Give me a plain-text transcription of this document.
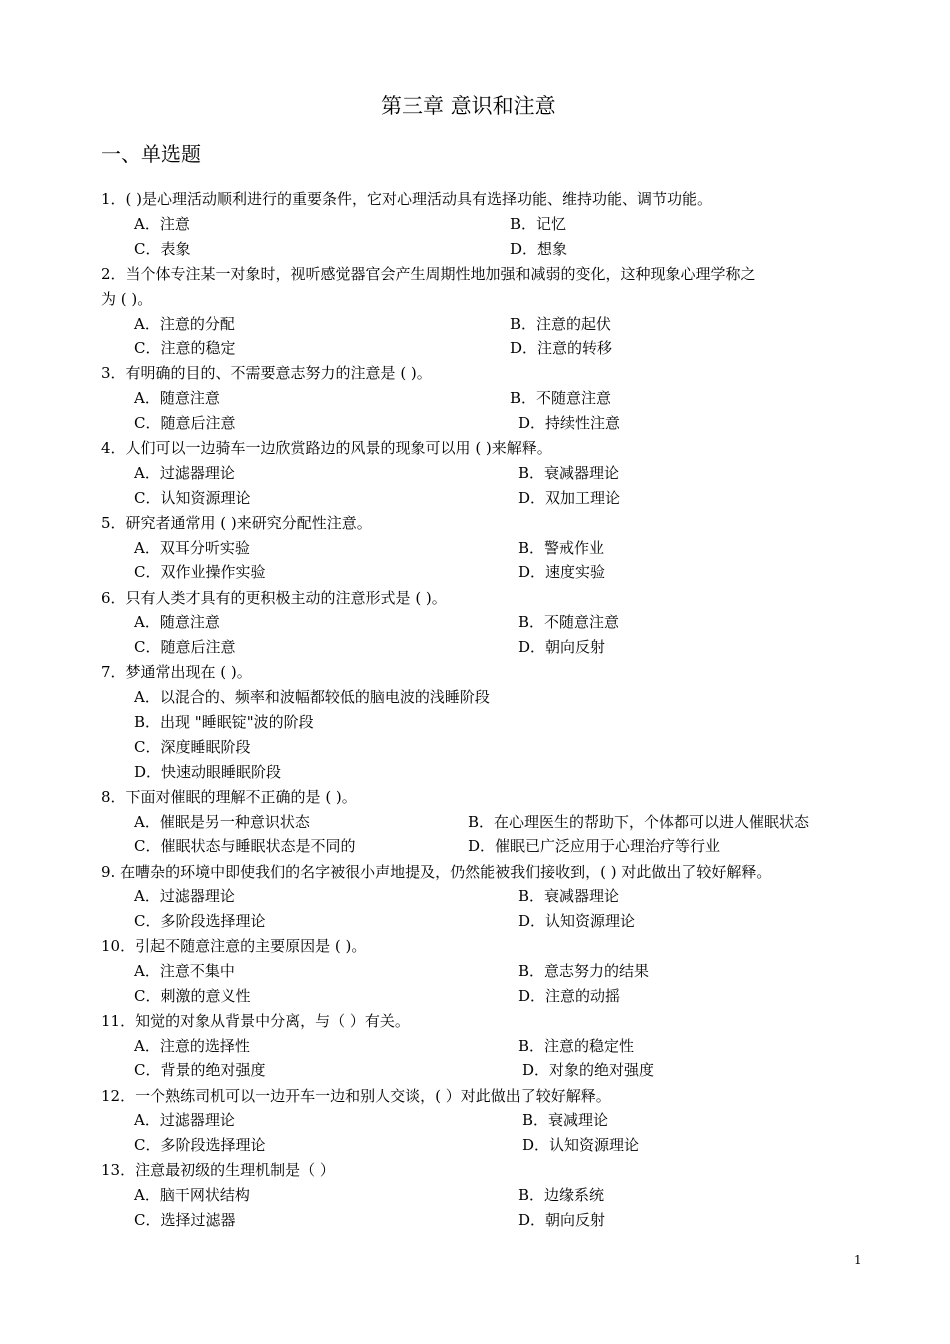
第三章 意识和注意
一、单选题
1．( )是心理活动顺利进行的重要条件，它对心理活动具有选择功能、维持功能、调节功能。
2．当个体专注某一对象时，视听感觉器官会产生周期性地加强和减弱的变化，这种现象心理学称之
为 ( )。
3．有明确的目的、不需要意志努力的注意是 ( )。
4．人们可以一边骑车一边欣赏路边的风景的现象可以用 ( )来解释。
5．研究者通常用 ( )来研究分配性注意。
6．只有人类才具有的更积极主动的注意形式是 ( )。
7．梦通常出现在 ( )。
8．下面对催眠的理解不正确的是 ( )。
9. 在嘈杂的环境中即使我们的名字被很小声地提及，仍然能被我们接收到，( ) 对此做出了较好解释。
10．引起不随意注意的主要原因是 ( )。
11．知觉的对象从背景中分离，与（ ）有关。
12．一个熟练司机可以一边开车一边和别人交谈，( ）对此做出了较好解释。
13．注意最初级的生理机制是（ ）
A．注意	B．记忆
C．表象	D．想象
A．注意的分配	B．注意的起伏
C．注意的稳定	D．注意的转移
A．随意注意	B．不随意注意
C．随意后注意	D．持续性注意
A．过滤器理论	B．衰减器理论
C．认知资源理论	D．双加工理论
A．双耳分听实验	B．警戒作业
C．双作业操作实验	D．速度实验
A．随意注意	B．不随意注意
C．随意后注意	D．朝向反射
A．以混合的、频率和波幅都较低的脑电波的浅睡阶段
B．出现 "睡眠锭"波的阶段
C．深度睡眠阶段
D．快速动眼睡眠阶段
A．催眠是另一种意识状态	B．在心理医生的帮助下，个体都可以进人催眠状态
C．催眠状态与睡眠状态是不同的	D．催眠已广泛应用于心理治疗等行业
A．过滤器理论	B．衰减器理论
C．多阶段选择理论	D．认知资源理论
A．注意不集中	B．意志努力的结果
C．刺激的意义性	D．注意的动摇
A．注意的选择性	B．注意的稳定性
C．背景的绝对强度	D．对象的绝对强度
A．过滤器理论	B．衰减理论
C．多阶段选择理论	D．认知资源理论
A．脑干网状结构	B．边缘系统
C．选择过滤器	D．朝向反射
1
